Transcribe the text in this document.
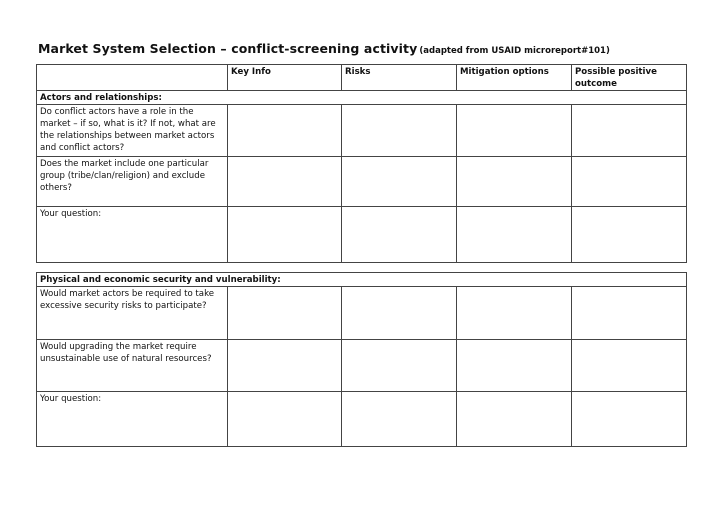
Market System Selection – conflict-screening activity (adapted from USAID microreport#101)
	Key Info	Risks	Mitigation options	Possible positive outcome
Actors and relationships:				
Do conflict actors have a role in the market – if so, what is it? If not, what are the relationships between market actors and conflict actors?				
Does the market include one particular group (tribe/clan/religion) and exclude others?				
Your question:				
Physical and economic security and vulnerability:				
Would market actors be required to take excessive security risks to participate?				
Would upgrading the market require unsustainable use of natural resources?				
Your question:				
